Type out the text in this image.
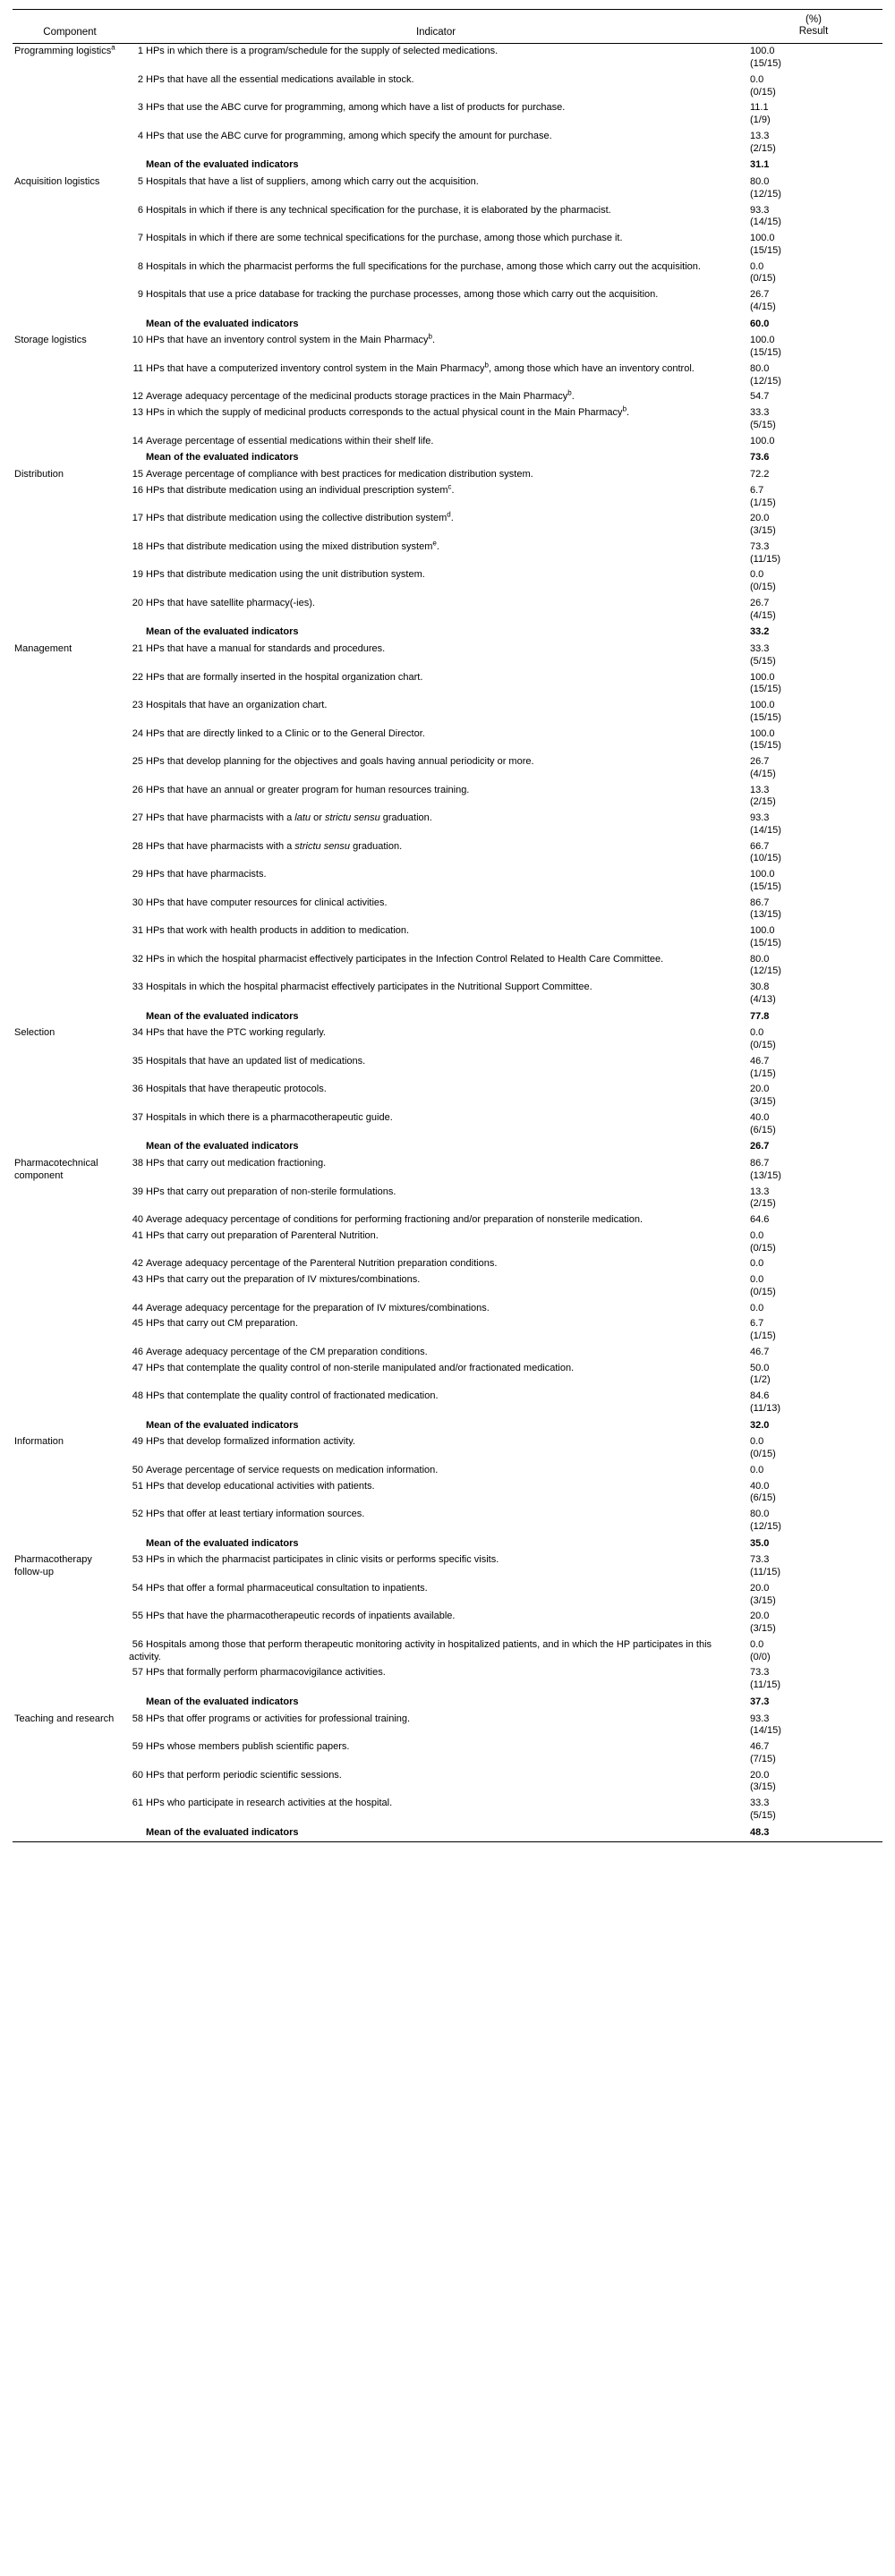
Component	Indicator	(%)
Result

Programming logistics$^a$	1 HPs in which there is a program/schedule for the supply of selected medications.	100.0
(15/15)

	2 HPs that have all the essential medications available in stock.	0.0
(0/15)

	3 HPs that use the ABC curve for programming, among which have a list of products for purchase.	11.1
(1/9)

	4 HPs that use the ABC curve for programming, among which specify the amount for purchase.	13.3
(2/15)

	Mean of the evaluated indicators	31.1
Acquisition logistics	5 Hospitals that have a list of suppliers, among which carry out the acquisition.	80.0
(12/15)

	6 Hospitals in which if there is any technical specification for the purchase, it is elaborated by the pharmacist.	93.3
(14/15)

	7 Hospitals in which if there are some technical specifications for the purchase, among those which purchase it.	100.0
(15/15)

	8 Hospitals in which the pharmacist performs the full specifications for the purchase, among those which carry out the acquisition.	0.0
(0/15)

	9 Hospitals that use a price database for tracking the purchase processes, among those which carry out the acquisition.	26.7
(4/15)

	Mean of the evaluated indicators	60.0
Storage logistics	10 HPs that have an inventory control system in the Main Pharmacy$^b$.	100.0
(15/15)

	11 HPs that have a computerized inventory control system in the Main Pharmacy$^b$, among those which have an inventory control.	80.0
(12/15)

	12 Average adequacy percentage of the medicinal products storage practices in the Main Pharmacy$^b$.	54.7
	13 HPs in which the supply of medicinal products corresponds to the actual physical count in the Main Pharmacy$^b$.	33.3
(5/15)

	14 Average percentage of essential medications within their shelf life.	100.0
	Mean of the evaluated indicators	73.6
Distribution	15 Average percentage of compliance with best practices for medication distribution system.	72.2
	16 HPs that distribute medication using an individual prescription system$^c$.	6.7
(1/15)

	17 HPs that distribute medication using the collective distribution system$^d$.	20.0
(3/15)

	18 HPs that distribute medication using the mixed distribution system$^e$.	73.3
(11/15)

	19 HPs that distribute medication using the unit distribution system.	0.0
(0/15)

	20 HPs that have satellite pharmacy(-ies).	26.7
(4/15)

	Mean of the evaluated indicators	33.2
Management	21 HPs that have a manual for standards and procedures.	33.3
(5/15)

	22 HPs that are formally inserted in the hospital organization chart.	100.0
(15/15)

	23 Hospitals that have an organization chart.	100.0
(15/15)

	24 HPs that are directly linked to a Clinic or to the General Director.	100.0
(15/15)

	25 HPs that develop planning for the objectives and goals having annual periodicity or more.	26.7
(4/15)

	26 HPs that have an annual or greater program for human resources training.	13.3
(2/15)

	27 HPs that have pharmacists with a latu or strictu sensu graduation.	93.3
(14/15)

	28 HPs that have pharmacists with a strictu sensu graduation.	66.7
(10/15)

	29 HPs that have pharmacists.	100.0
(15/15)

	30 HPs that have computer resources for clinical activities.	86.7
(13/15)

	31 HPs that work with health products in addition to medication.	100.0
(15/15)

	32 HPs in which the hospital pharmacist effectively participates in the Infection Control Related to Health Care Committee.	80.0
(12/15)

	33 Hospitals in which the hospital pharmacist effectively participates in the Nutritional Support Committee.	30.8
(4/13)

	Mean of the evaluated indicators	77.8
Selection	34 HPs that have the PTC working regularly.	0.0
(0/15)

	35 Hospitals that have an updated list of medications.	46.7
(1/15)

	36 Hospitals that have therapeutic protocols.	20.0
(3/15)

	37 Hospitals in which there is a pharmacotherapeutic guide.	40.0
(6/15)

	Mean of the evaluated indicators	26.7
Pharmacotechnical component	38 HPs that carry out medication fractioning.	86.7
(13/15)

	39 HPs that carry out preparation of non-sterile formulations.	13.3
(2/15)

	40 Average adequacy percentage of conditions for performing fractioning and/or preparation of nonsterile medication.	64.6
	41 HPs that carry out preparation of Parenteral Nutrition.	0.0
(0/15)

	42 Average adequacy percentage of the Parenteral Nutrition preparation conditions.	0.0
	43 HPs that carry out the preparation of IV mixtures/combinations.	0.0
(0/15)

	44 Average adequacy percentage for the preparation of IV mixtures/combinations.	0.0
	45 HPs that carry out CM preparation.	6.7
(1/15)

	46 Average adequacy percentage of the CM preparation conditions.	46.7
	47 HPs that contemplate the quality control of non-sterile manipulated and/or fractionated medication.	50.0
(1/2)

	48 HPs that contemplate the quality control of fractionated medication.	84.6
(11/13)

	Mean of the evaluated indicators	32.0
Information	49 HPs that develop formalized information activity.	0.0
(0/15)

	50 Average percentage of service requests on medication information.	0.0
	51 HPs that develop educational activities with patients.	40.0
(6/15)

	52 HPs that offer at least tertiary information sources.	80.0
(12/15)

	Mean of the evaluated indicators	35.0
Pharmacotherapy follow-up	53 HPs in which the pharmacist participates in clinic visits or performs specific visits.	73.3
(11/15)

	54 HPs that offer a formal pharmaceutical consultation to inpatients.	20.0
(3/15)

	55 HPs that have the pharmacotherapeutic records of inpatients available.	20.0
(3/15)

	56 Hospitals among those that perform therapeutic monitoring activity in hospitalized patients, and in which the HP participates in this activity.	0.0
(0/0)

	57 HPs that formally perform pharmacovigilance activities.	73.3
(11/15)

	Mean of the evaluated indicators	37.3
Teaching and research	58 HPs that offer programs or activities for professional training.	93.3
(14/15)

	59 HPs whose members publish scientific papers.	46.7
(7/15)

	60 HPs that perform periodic scientific sessions.	20.0
(3/15)

	61 HPs who participate in research activities at the hospital.	33.3
(5/15)

	Mean of the evaluated indicators	48.3
